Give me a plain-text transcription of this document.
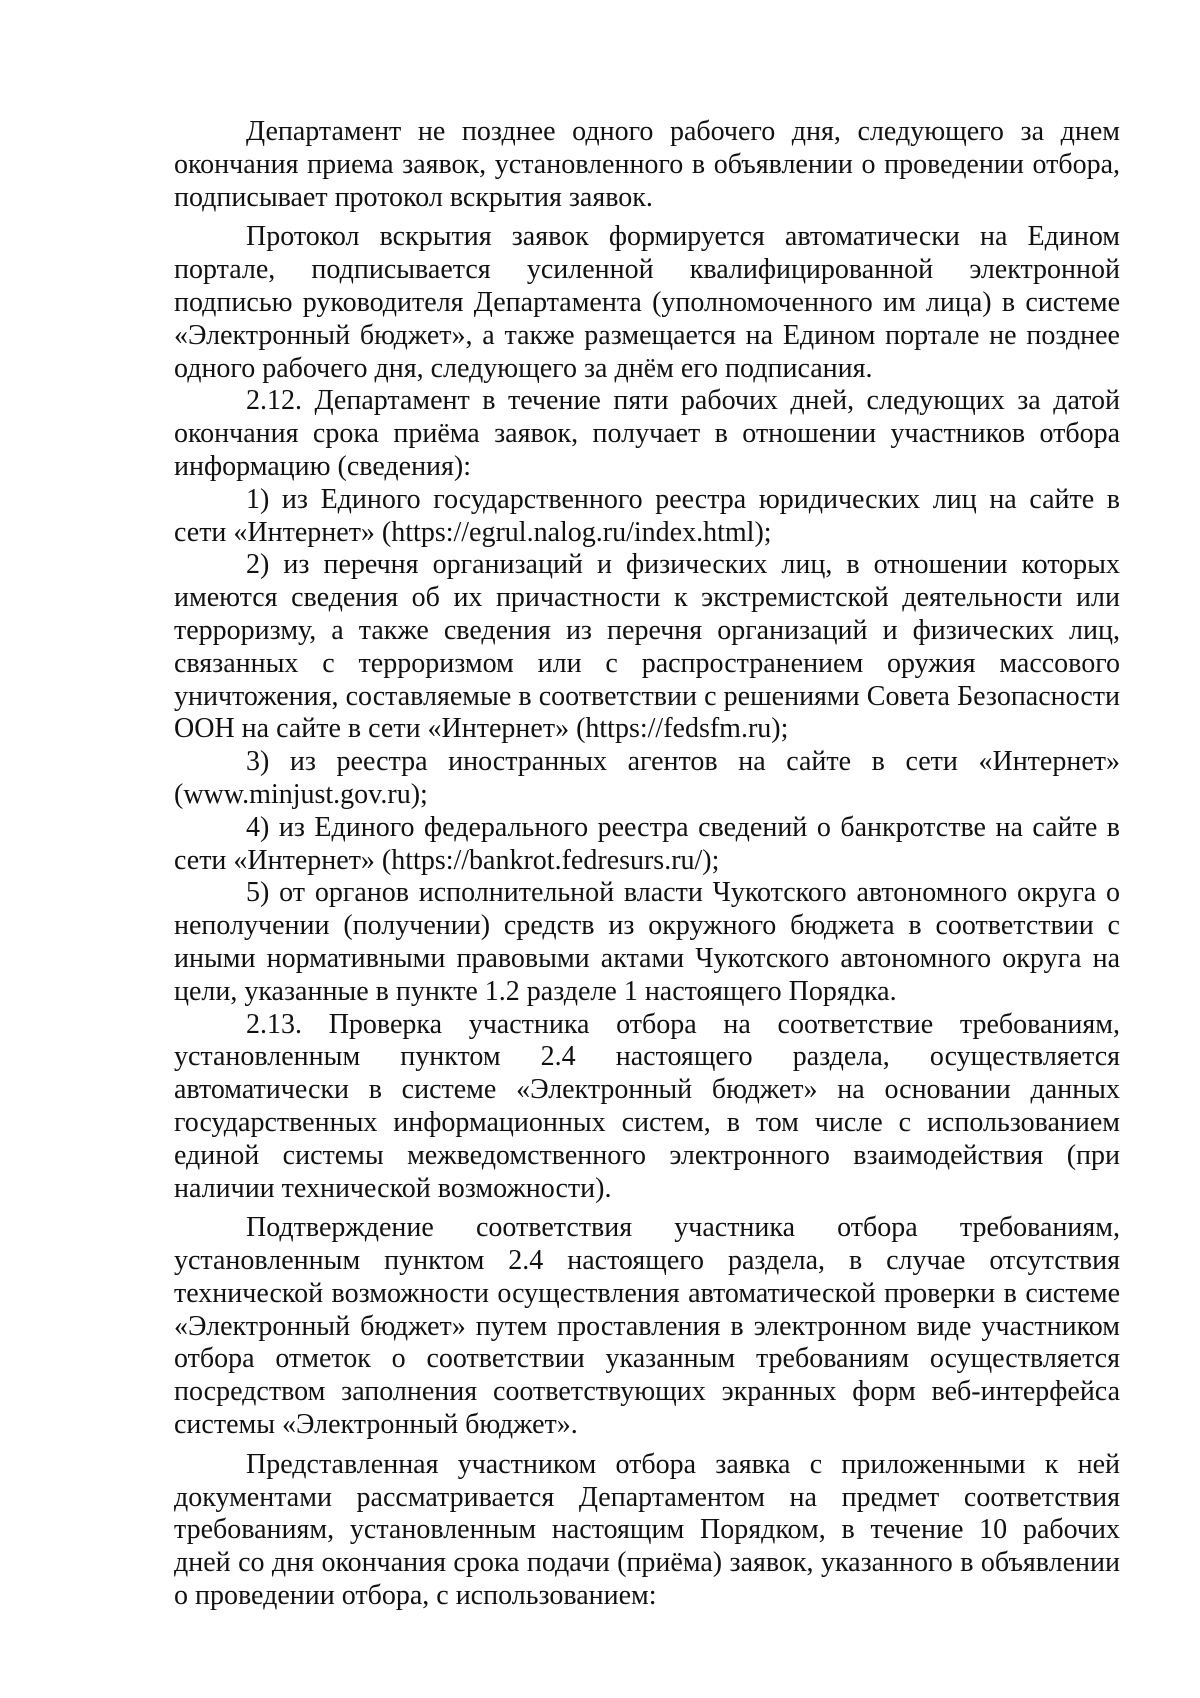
Департамент не позднее одного рабочего дня, следующего за днем окончания приема заявок, установленного в объявлении о проведении отбора, подписывает протокол вскрытия заявок.

Протокол вскрытия заявок формируется автоматически на Едином портале, подписывается усиленной квалифицированной электронной подписью руководителя Департамента (уполномоченного им лица) в системе «Электронный бюджет», а также размещается на Едином портале не позднее одного рабочего дня, следующего за днём его подписания.

2.12. Департамент в течение пяти рабочих дней, следующих за датой окончания срока приёма заявок, получает в отношении участников отбора информацию (сведения):

1) из Единого государственного реестра юридических лиц на сайте в сети «Интернет» (https://egrul.nalog.ru/index.html);

2) из перечня организаций и физических лиц, в отношении которых имеются сведения об их причастности к экстремистской деятельности или терроризму, а также сведения из перечня организаций и физических лиц, связанных с терроризмом или с распространением оружия массового уничтожения, составляемые в соответствии с решениями Совета Безопасности ООН на сайте в сети «Интернет» (https://fedsfm.ru);

3) из реестра иностранных агентов на сайте в сети «Интернет» (www.minjust.gov.ru);

4) из Единого федерального реестра сведений о банкротстве на сайте в сети «Интернет» (https://bankrot.fedresurs.ru/);

5) от органов исполнительной власти Чукотского автономного округа о неполучении (получении) средств из окружного бюджета в соответствии с иными нормативными правовыми актами Чукотского автономного округа на цели, указанные в пункте 1.2 разделе 1 настоящего Порядка.

2.13. Проверка участника отбора на соответствие требованиям, установленным пунктом 2.4 настоящего раздела, осуществляется автоматически в системе «Электронный бюджет» на основании данных государственных информационных систем, в том числе с использованием единой системы межведомственного электронного взаимодействия (при наличии технической возможности).

Подтверждение соответствия участника отбора требованиям, установленным пунктом 2.4 настоящего раздела, в случае отсутствия технической возможности осуществления автоматической проверки в системе «Электронный бюджет» путем проставления в электронном виде участником отбора отметок о соответствии указанным требованиям осуществляется посредством заполнения соответствующих экранных форм веб-интерфейса системы «Электронный бюджет».

Представленная участником отбора заявка с приложенными к ней документами рассматривается Департаментом на предмет соответствия требованиям, установленным настоящим Порядком, в течение 10 рабочих дней со дня окончания срока подачи (приёма) заявок, указанного в объявлении о проведении отбора, с использованием:
